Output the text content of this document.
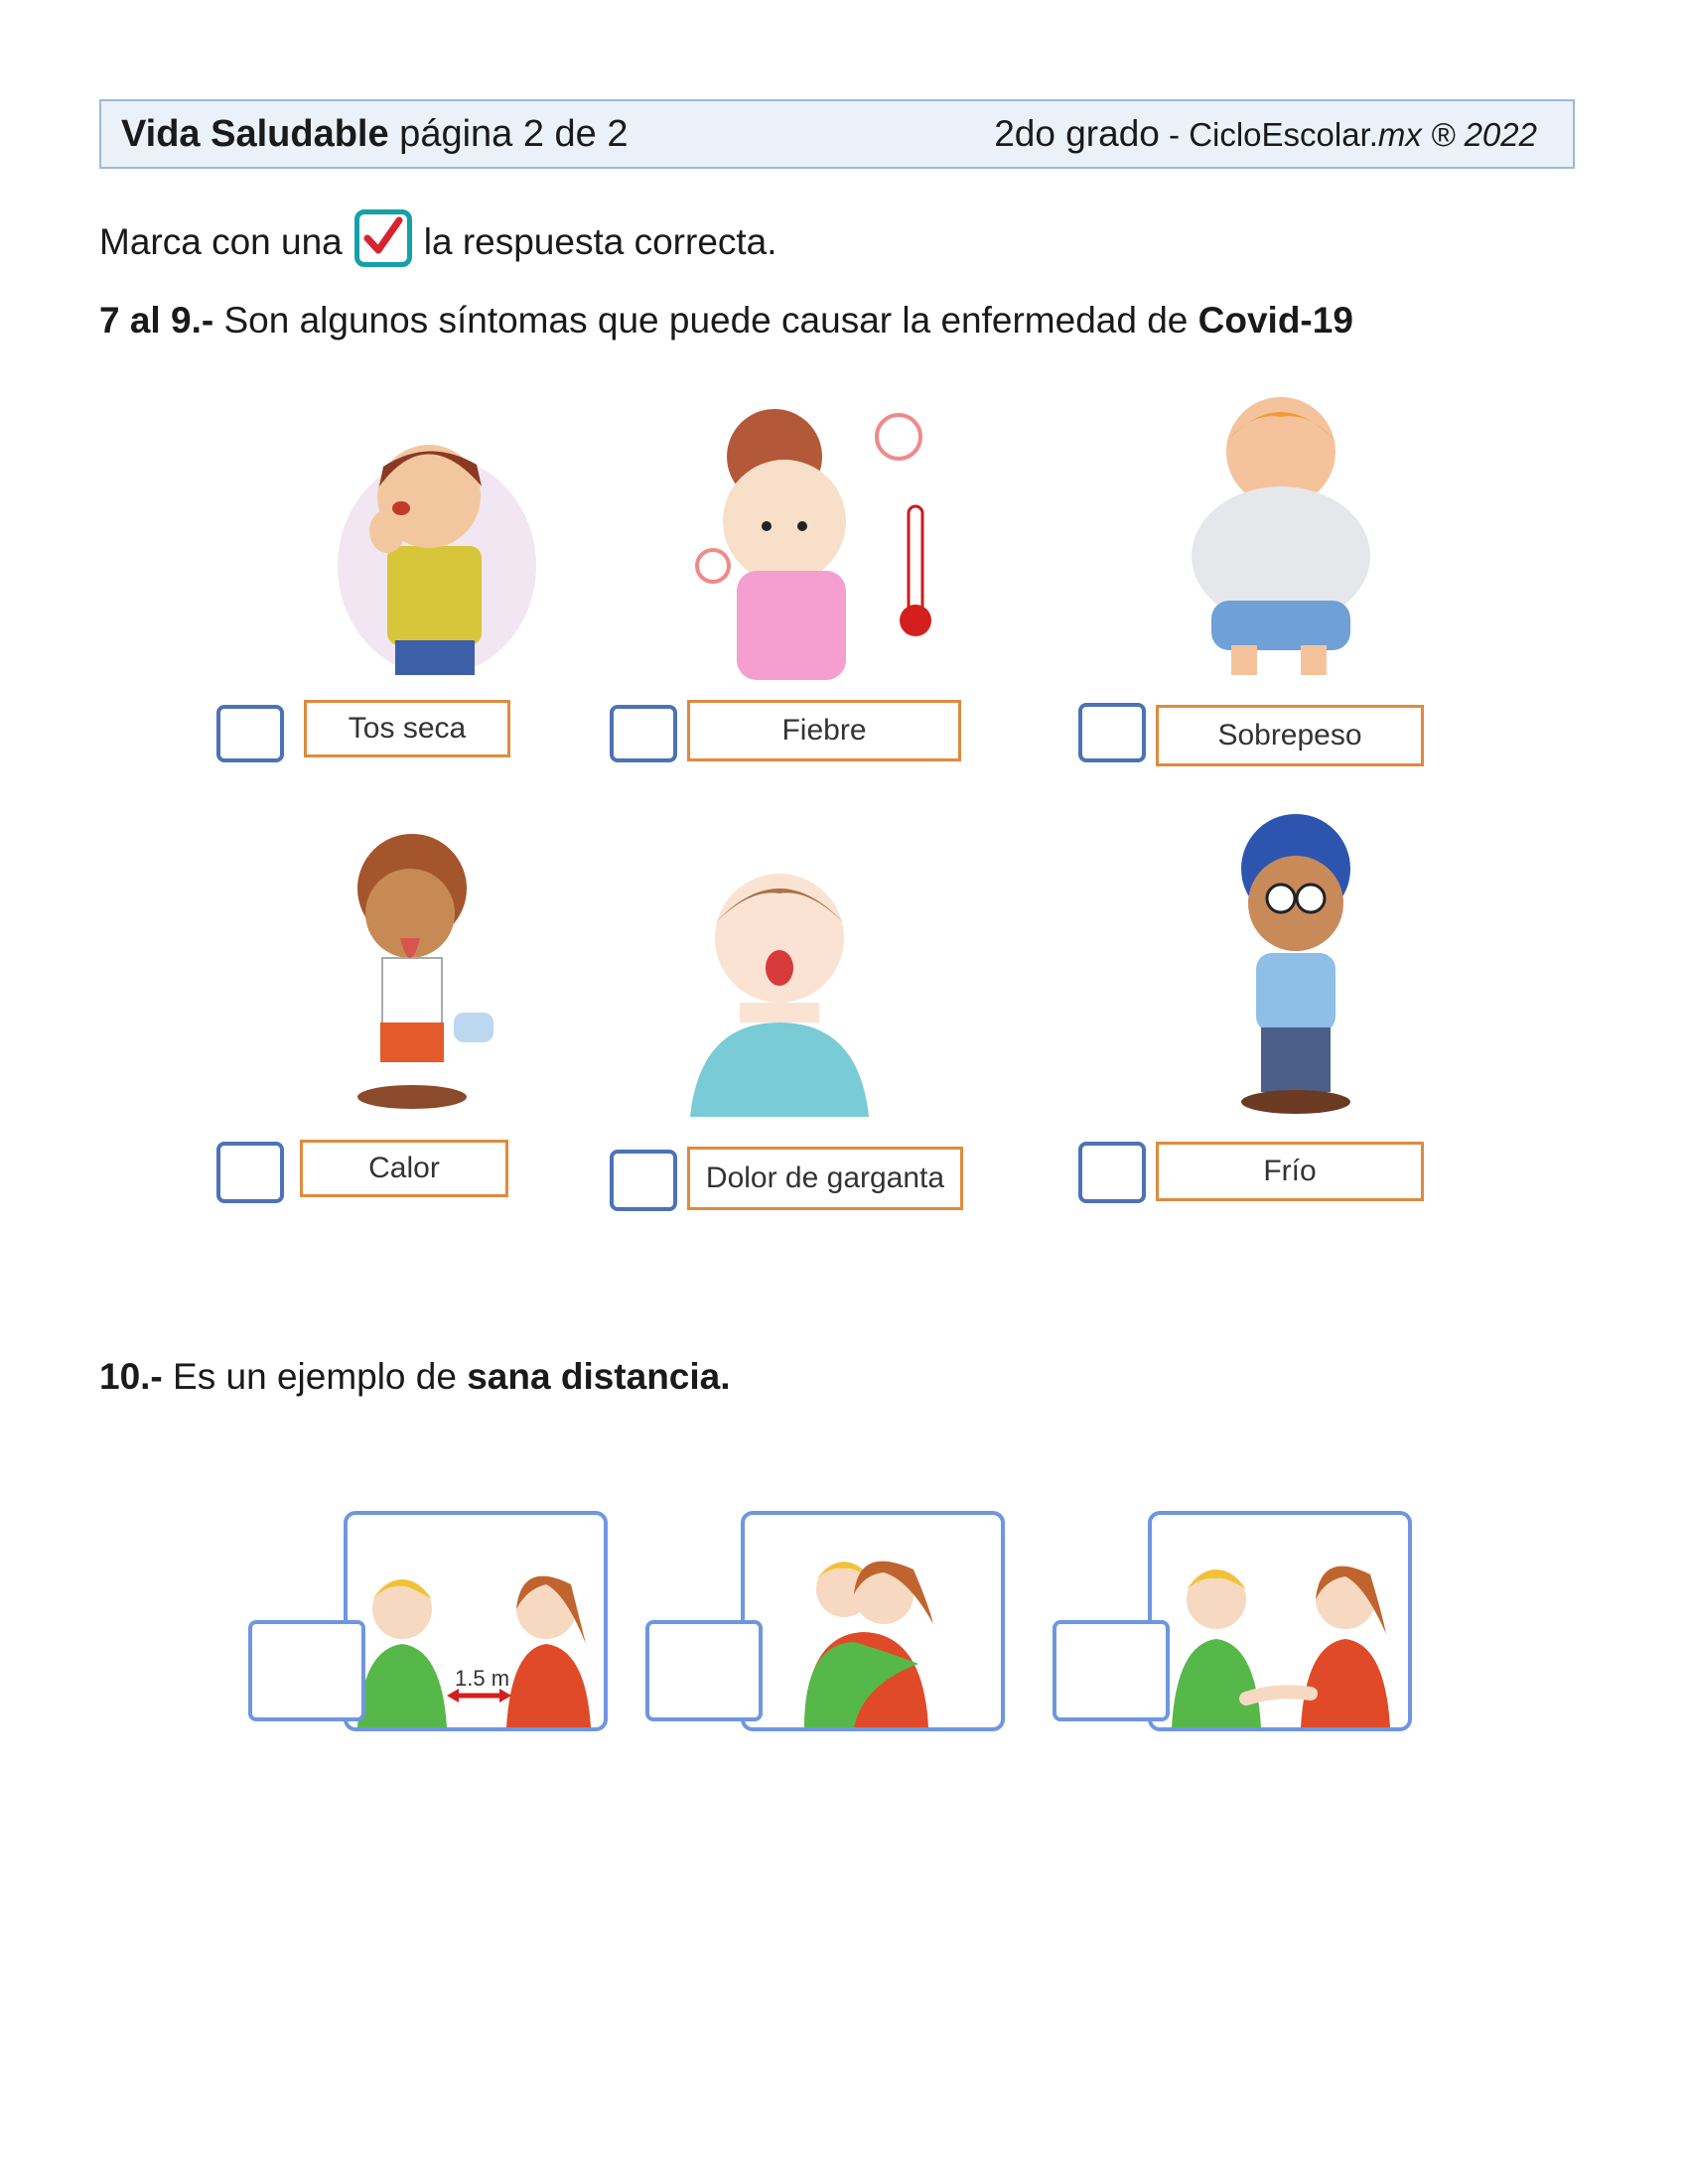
Vida Saludable página 2 de 2	2do grado - CicloEscolar.mx ® 2022
Marca con una la respuesta correcta.
7 al 9.- Son algunos síntomas que puede causar la enfermedad de Covid-19
Tos seca	Fiebre	Sobrepeso
Calor	Dolor de garganta	Frío
10.- Es un ejemplo de sana distancia.
1.5 m
